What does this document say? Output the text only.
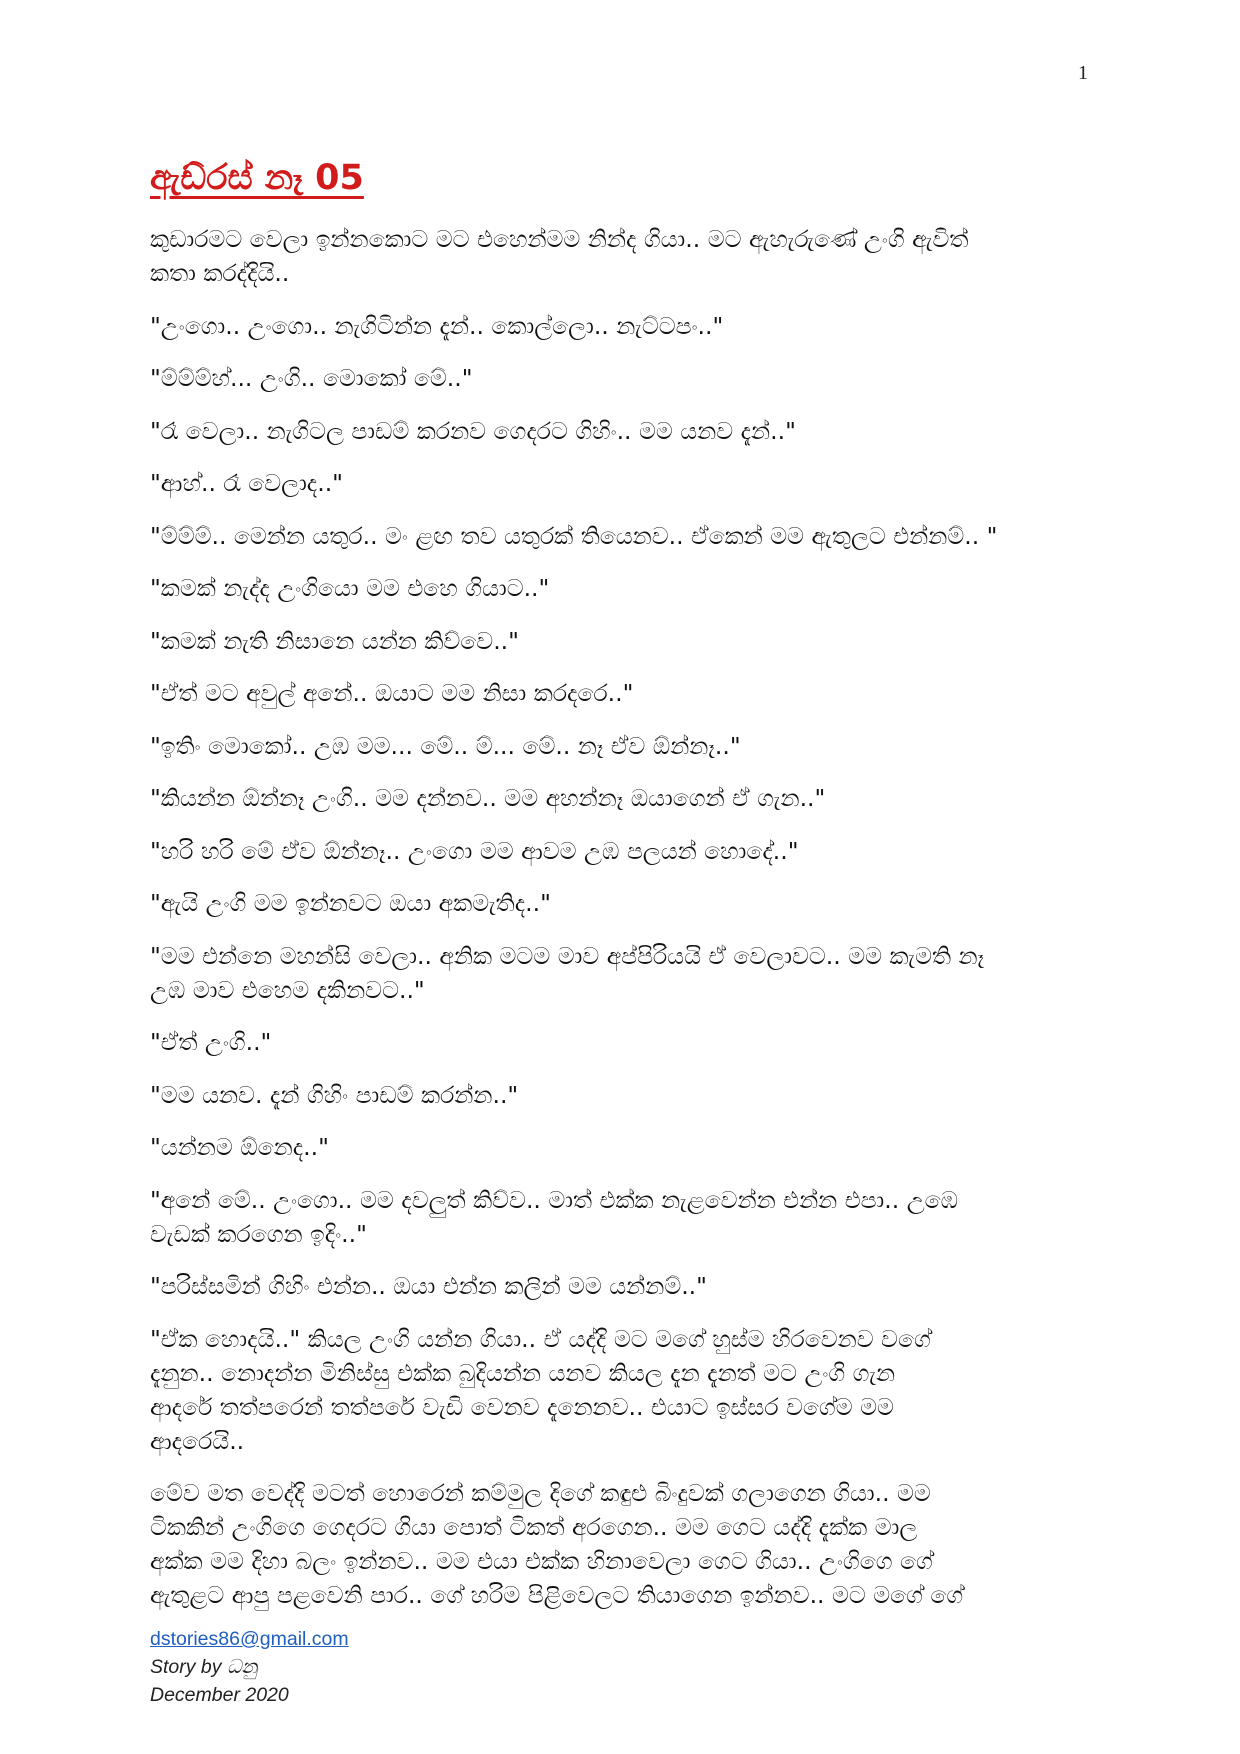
1
ඇඩ්රස් නෑ 05

කුඩාරමට වෙලා ඉන්නකොට මට එහෙන්මම නින්ද ගියා.. මට ඇහැරුණේ උංගි ඇවිත්
කතා කරද්දියි..

"උංගො.. උංගො.. නැගිටින්න දැන්.. කොල්ලො.. නැට්ටපං.."

"ම්ම්ම්හ්... උංගි.. මොකෝ මේ.."

"රෑ වෙලා.. නැගිටල පාඩම් කරනව ගෙදරට ගිහිං.. මම යනව දැන්.."

"ආහ්.. රෑ වෙලාද.."

"ම්ම්ම්.. මෙන්න යතුර.. මං ළඟ තව යතුරක් තියෙනව.. ඒකෙන් මම ඇතුලට එන්නම්.. "

"කමක් නැද්ද උංගියො මම එහෙ ගියාට.."

"කමක් නැති නිසානෙ යන්න කිව්වෙ.."

"ඒත් මට අවුල් අනේ.. ඔයාට මම නිසා කරදරෙ.."

"ඉතිං මොකෝ.. උඹ මම... මේ.. ම්... මේ.. නෑ ඒව ඕන්නෑ.."

"කියන්න ඕන්නෑ උංගි.. මම දන්නව.. මම අහන්නෑ ඔයාගෙන් ඒ ගැන.."

"හරි හරි මේ ඒව ඕන්නෑ.. උංගො මම ආවම උඹ පලයන් හොදේ.."

"ඇයි උංගි මම ඉන්නවට ඔයා අකමැතිද.."

"මම එන්නෙ මහන්සි වෙලා.. අනික මටම මාව අප්පිරියයි ඒ වෙලාවට.. මම කැමති නෑ
උඹ මාව එහෙම දකිනවට.."

"ඒත් උංගි.."

"මම යනව. දැන් ගිහිං පාඩම් කරන්න.."

"යන්නම ඕනෙද.."

"අනේ මේ.. උංගො.. මම දවලුත් කිව්ව.. මාත් එක්ක නැළවෙන්න එන්න එපා.. උඹෙ
වැඩක් කරගෙන ඉදිං.."

"පරිස්සමින් ගිහිං එන්න.. ඔයා එන්න කලින් මම යන්නම්.."

"ඒක හොදයි.." කියල උංගි යන්න ගියා.. ඒ යද්දි මට මගේ හුස්ම හිරවෙනව වගේ
දැනුන.. නොදන්න මිනිස්සු එක්ක බුදියන්න යනව කියල දැන දැනත් මට උංගි ගැන
ආදරේ තත්පරෙන් තත්පරේ වැඩි වෙනව දැනෙනව.. එයාට ඉස්සර වගේම මම
ආදරෙයි..

මේව මත වෙද්දි මටත් හොරෙන් කම්මුල දිගේ කඳුළු බිංදුවක් ගලාගෙන ගියා.. මම
ටිකකින් උංගිගෙ ගෙදරට ගියා පොත් ටිකත් අරගෙන.. මම ගෙට යද්දි දැක්ක මාල
අක්ක මම දිහා බලං ඉන්නව.. මම එයා එක්ක හිනාවෙලා ගෙට ගියා.. උංගිගෙ ගේ
ඇතුළට ආපු පළවෙනි පාර.. ගේ හරිම පිළිවෙලට තියාගෙන ඉන්නව.. මට මගේ ගේ

dstories86@gmail.com
Story by ධනු
December 2020
